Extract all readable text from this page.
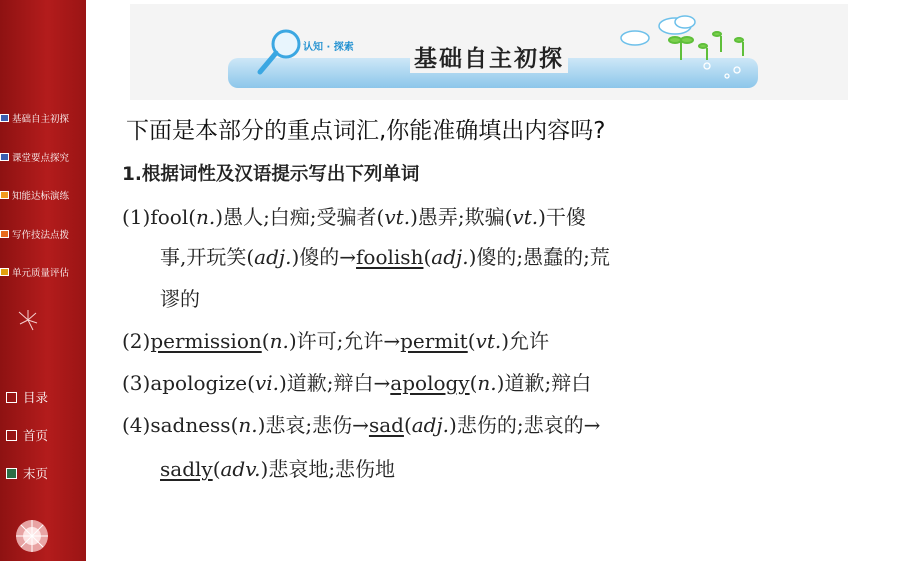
基础自主初探
课堂要点探究
知能达标演练
写作技法点拨
单元质量评估
目录
首页
末页
认知 · 探索	基础自主初探
下面是本部分的重点词汇,你能准确填出内容吗?
1.根据词性及汉语提示写出下列单词
(1)fool(n.)愚人;白痴;受骗者(vt.)愚弄;欺骗(vt.)干傻
事,开玩笑(adj.)傻的→foolish(adj.)傻的;愚蠢的;荒
谬的
(2)permission(n.)许可;允许→permit(vt.)允许
(3)apologize(vi.)道歉;辩白→apology(n.)道歉;辩白
(4)sadness(n.)悲哀;悲伤→sad(adj.)悲伤的;悲哀的→
sadly(adv.)悲哀地;悲伤地
